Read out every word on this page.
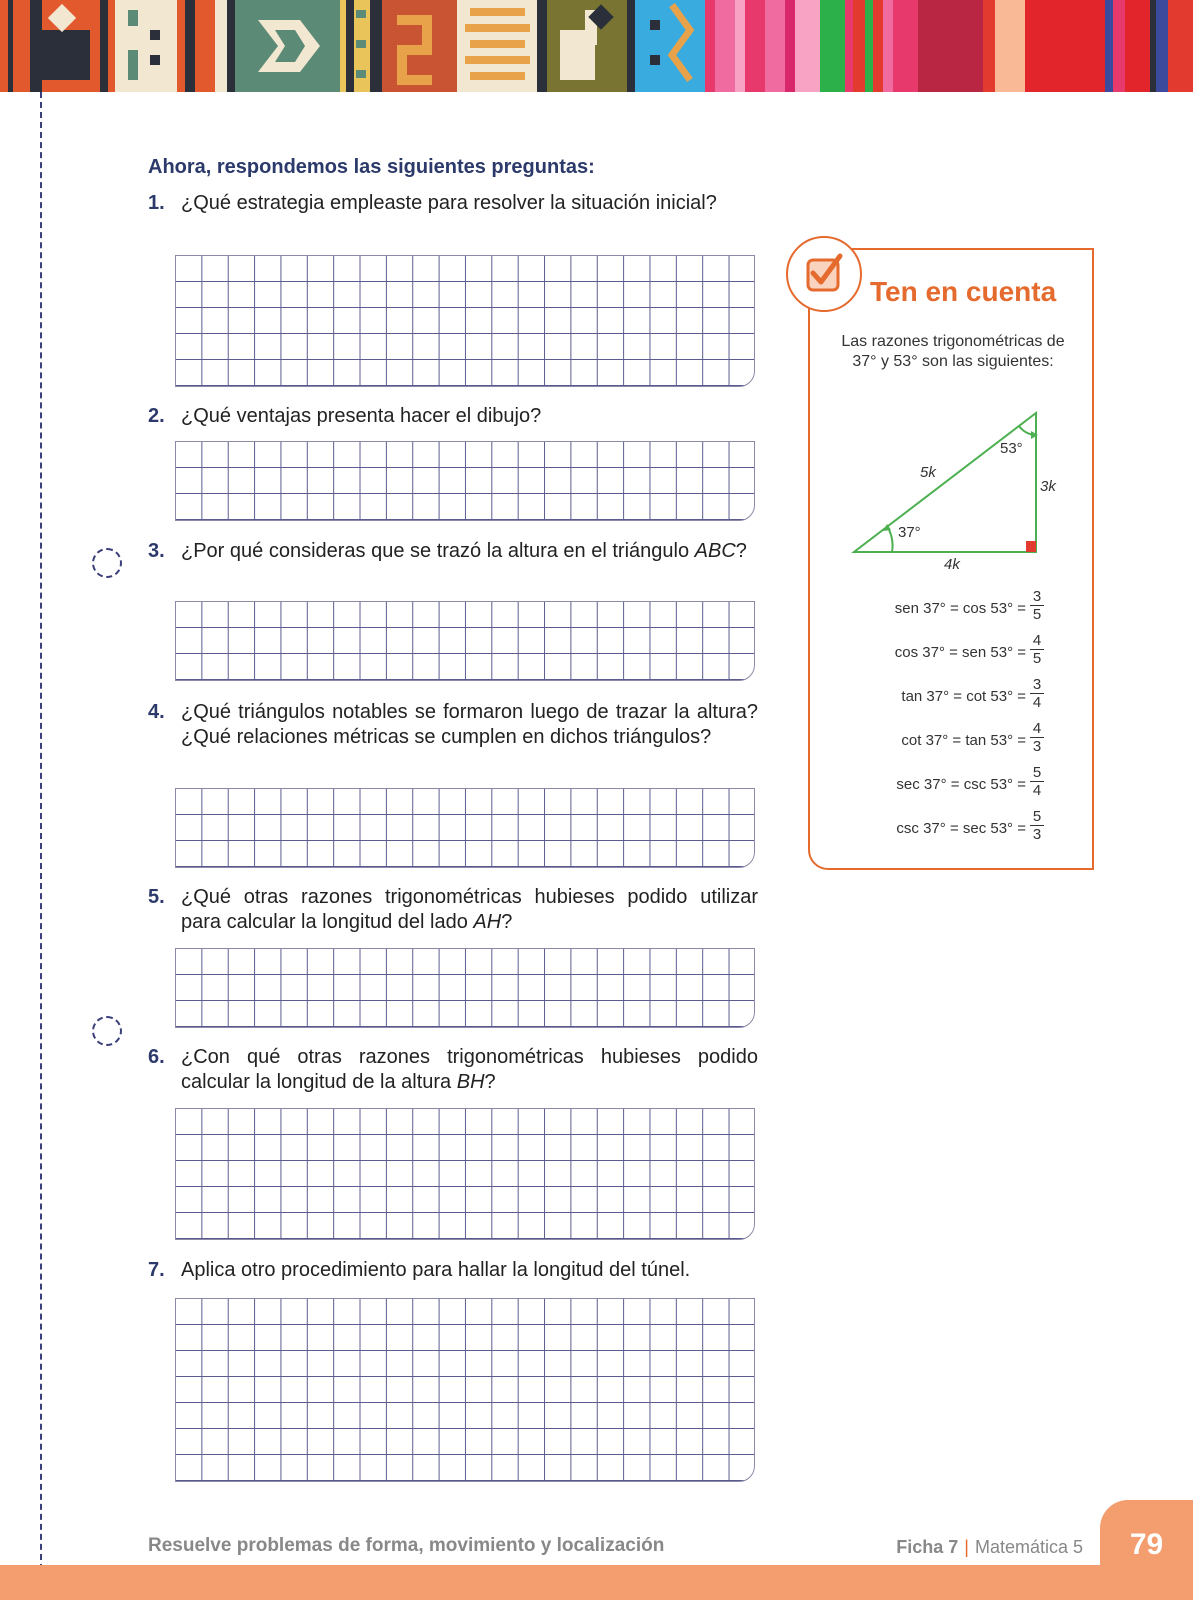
Ahora, respondemos las siguientes preguntas:
1. ¿Qué estrategia empleaste para resolver la situación inicial?
2. ¿Qué ventajas presenta hacer el dibujo?
3. ¿Por qué consideras que se trazó la altura en el triángulo ABC?
4. ¿Qué triángulos notables se formaron luego de trazar la altura? ¿Qué relaciones métricas se cumplen en dichos triángulos?
5. ¿Qué otras razones trigonométricas hubieses podido utilizar para calcular la longitud del lado AH?
6. ¿Con qué otras razones trigonométricas hubieses podido calcular la longitud de la altura BH?
7. Aplica otro procedimiento para hallar la longitud del túnel.
Ten en cuenta
Las razones trigonométricas de 37° y 53° son las siguientes:
53°
37°
5k
3k
4k
sen $37^\circ = \cos 53^\circ = \frac{3}{5}$
cos 37° = sen $53^\circ = \frac{4}{5}$
$\tan 37^\circ = \cot 53^\circ = \frac{3}{4}$
$\cot 37^\circ = \tan 53^\circ = \frac{4}{3}$
$\sec 37^\circ = \csc 53^\circ = \frac{5}{4}$
$\csc 37^\circ = \sec 53^\circ = \frac{5}{3}$
79
Resuelve problemas de forma, movimiento y localización	Ficha 7 | Matemática 5
